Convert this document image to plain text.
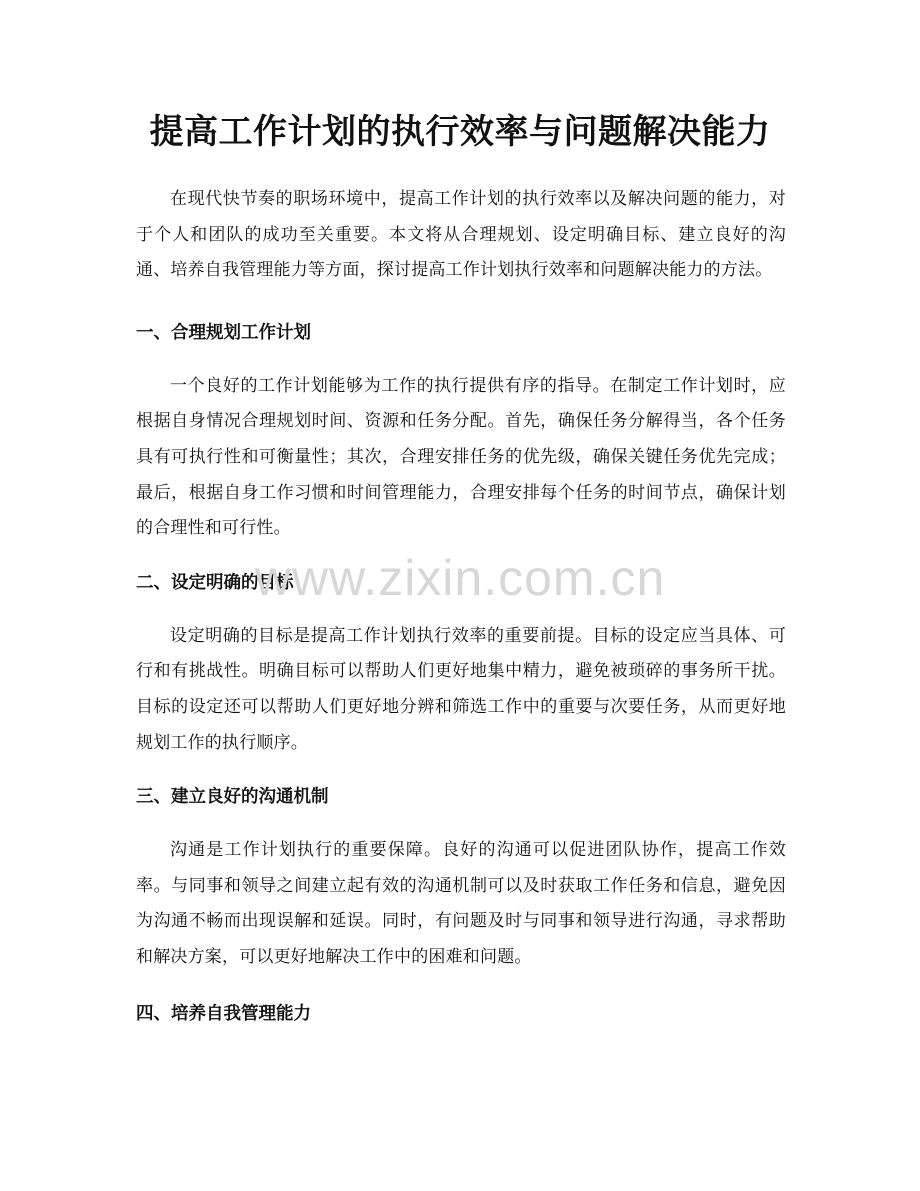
提高工作计划的执行效率与问题解决能力

在现代快节奏的职场环境中，提高工作计划的执行效率以及解决问题的能力，对于个人和团队的成功至关重要。本文将从合理规划、设定明确目标、建立良好的沟通、培养自我管理能力等方面，探讨提高工作计划执行效率和问题解决能力的方法。

一、合理规划工作计划

一个良好的工作计划能够为工作的执行提供有序的指导。在制定工作计划时，应根据自身情况合理规划时间、资源和任务分配。首先，确保任务分解得当，各个任务具有可执行性和可衡量性；其次，合理安排任务的优先级，确保关键任务优先完成；最后，根据自身工作习惯和时间管理能力，合理安排每个任务的时间节点，确保计划的合理性和可行性。

二、设定明确的目标

设定明确的目标是提高工作计划执行效率的重要前提。目标的设定应当具体、可行和有挑战性。明确目标可以帮助人们更好地集中精力，避免被琐碎的事务所干扰。目标的设定还可以帮助人们更好地分辨和筛选工作中的重要与次要任务，从而更好地规划工作的执行顺序。

三、建立良好的沟通机制

沟通是工作计划执行的重要保障。良好的沟通可以促进团队协作，提高工作效率。与同事和领导之间建立起有效的沟通机制可以及时获取工作任务和信息，避免因为沟通不畅而出现误解和延误。同时，有问题及时与同事和领导进行沟通，寻求帮助和解决方案，可以更好地解决工作中的困难和问题。

四、培养自我管理能力
www.zixin.com.cn
